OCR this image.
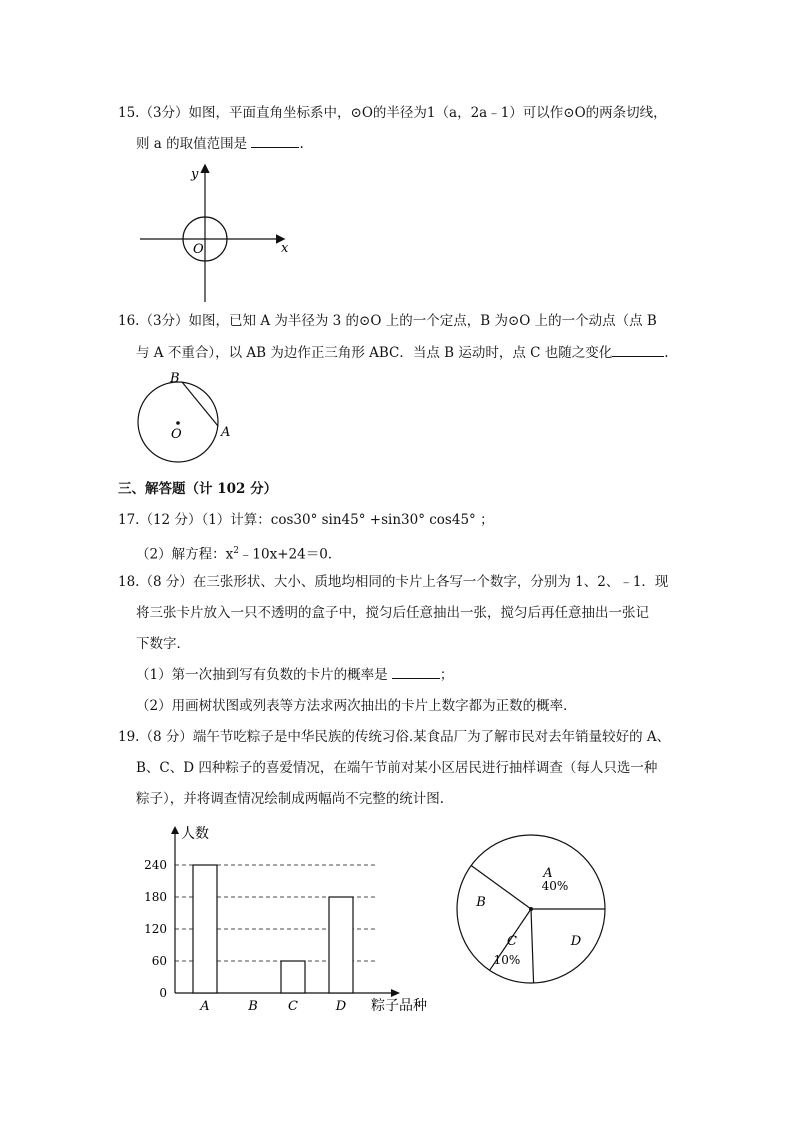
15.（3分）如图，平面直角坐标系中，⊙O的半径为1（a，2a﹣1）可以作⊙O的两条切线，
则 a 的取值范围是	.
y
x
O
16.（3分）如图，已知 A 为半径为 3 的⊙O 上的一个定点，B 为⊙O 上的一个动点（点 B
与 A 不重合），以 AB 为边作正三角形 ABC．当点 B 运动时，点 C 也随之变化	.
B
O	A
三、解答题（计 102 分）
17.（12 分）（1）计算：cos30° sin45° +sin30° cos45° ；
（2）解方程：$x^2﹣10x+24=0$.
18.（8 分）在三张形状、大小、质地均相同的卡片上各写一个数字，分别为 1、2、﹣1．现
将三张卡片放入一只不透明的盒子中，搅匀后任意抽出一张，搅匀后再任意抽出一张记
下数字．
（1）第一次抽到写有负数的卡片的概率是	；
（2）用画树状图或列表等方法求两次抽出的卡片上数字都为正数的概率．
19.（8 分）端午节吃粽子是中华民族的传统习俗.某食品厂为了解市民对去年销量较好的 A、
B、C、D 四种粽子的喜爱情况，在端午节前对某小区居民进行抽样调查（每人只选一种
粽子），并将调查情况绘制成两幅尚不完整的统计图.
0
60
120
180
240
人数
粽子品种
A	B C	D
A
40%
B
C
10%
D
